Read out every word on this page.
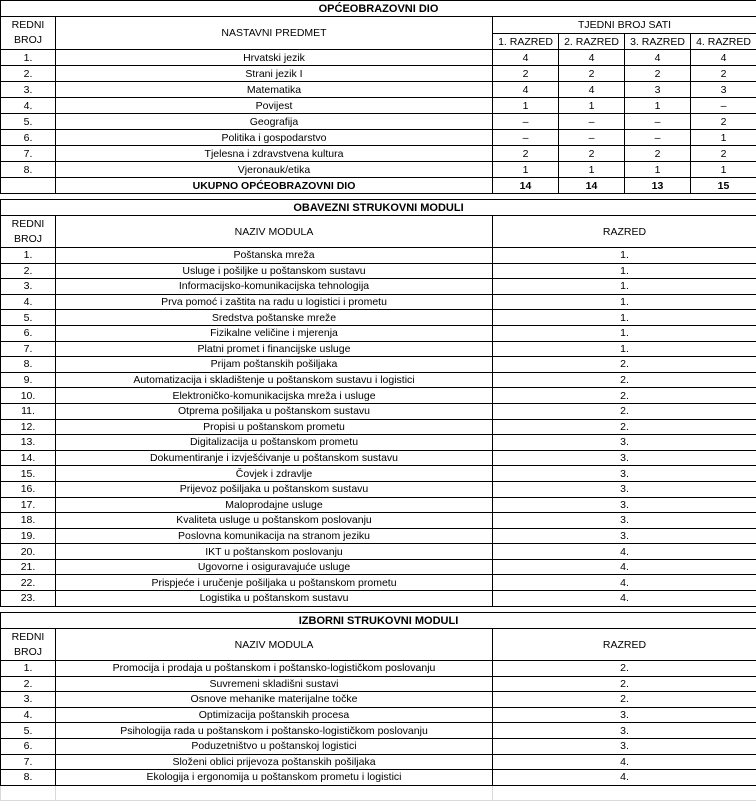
OPĆEOBRAZOVNI DIO					
REDNI BROJ	NASTAVNI PREDMET	TJEDNI BROJ SATI			
		1. RAZRED	2. RAZRED	3. RAZRED	4. RAZRED
1.	Hrvatski jezik	4	4	4	4
2.	Strani jezik I	2	2	2	2
3.	Matematika	4	4	3	3
4.	Povijest	1	1	1	–
5.	Geografija	–	–	–	2
6.	Politika i gospodarstvo	–	–	–	1
7.	Tjelesna i zdravstvena kultura	2	2	2	2
8.	Vjeronauk/etika	1	1	1	1
	UKUPNO OPĆEOBRAZOVNI DIO	14	14	13	15
OBAVEZNI STRUKOVNI MODULI		
REDNI BROJ	NAZIV MODULA	RAZRED
1.	Poštanska mreža	1.
2.	Usluge i pošiljke u poštanskom sustavu	1.
3.	Informacijsko-komunikacijska tehnologija	1.
4.	Prva pomoć i zaštita na radu u logistici i prometu	1.
5.	Sredstva poštanske mreže	1.
6.	Fizikalne veličine i mjerenja	1.
7.	Platni promet i financijske usluge	1.
8.	Prijam poštanskih pošiljaka	2.
9.	Automatizacija i skladištenje u poštanskom sustavu i logistici	2.
10.	Elektroničko-komunikacijska mreža i usluge	2.
11.	Otprema pošiljaka u poštanskom sustavu	2.
12.	Propisi u poštanskom prometu	2.
13.	Digitalizacija u poštanskom prometu	3.
14.	Dokumentiranje i izvješćivanje u poštanskom sustavu	3.
15.	Čovjek i zdravlje	3.
16.	Prijevoz pošiljaka u poštanskom sustavu	3.
17.	Maloprodajne usluge	3.
18.	Kvaliteta usluge u poštanskom poslovanju	3.
19.	Poslovna komunikacija na stranom jeziku	3.
20.	IKT u poštanskom poslovanju	4.
21.	Ugovorne i osiguravajuće usluge	4.
22.	Prispjeće i uručenje pošiljaka u poštanskom prometu	4.
23.	Logistika u poštanskom sustavu	4.
IZBORNI STRUKOVNI MODULI		
REDNI BROJ	NAZIV MODULA	RAZRED
1.	Promocija i prodaja u poštanskom i poštansko-logističkom poslovanju	2.
2.	Suvremeni skladišni sustavi	2.
3.	Osnove mehanike materijalne točke	2.
4.	Optimizacija poštanskih procesa	3.
5.	Psihologija rada u poštanskom i poštansko-logističkom poslovanju	3.
6.	Poduzetništvo u poštanskoj logistici	3.
7.	Složeni oblici prijevoza poštanskih pošiljaka	4.
8.	Ekologija i ergonomija u poštanskom prometu i logistici	4.
